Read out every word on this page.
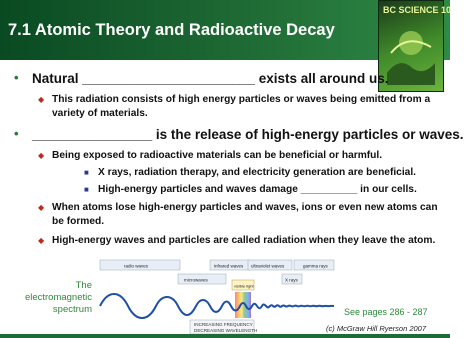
7.1 Atomic Theory and Radioactive Decay
BC SCIENCE 10
• Natural _______________________ exists all around us.
◆ This radiation consists of high energy particles or waves being emitted from a
variety of materials.
• ________________ is the release of high-energy particles or waves.
◆ Being exposed to radioactive materials can be beneficial or harmful.
■ X rays, radiation therapy, and electricity generation are beneficial.
■ High-energy particles and waves damage __________ in our cells.
◆ When atoms lose high-energy particles and waves, ions or even new atoms can
be formed.
◆ High-energy waves and particles are called radiation when they leave the atom.
The
electromagnetic
spectrum
radio waves
microwaves
infrared waves ultraviolet waves	gamma rays
X rays
visible light
INCREASING FREQUENCY
DECREASING WAVELENGTH
See pages 286 - 287
(c) McGraw Hill Ryerson 2007
